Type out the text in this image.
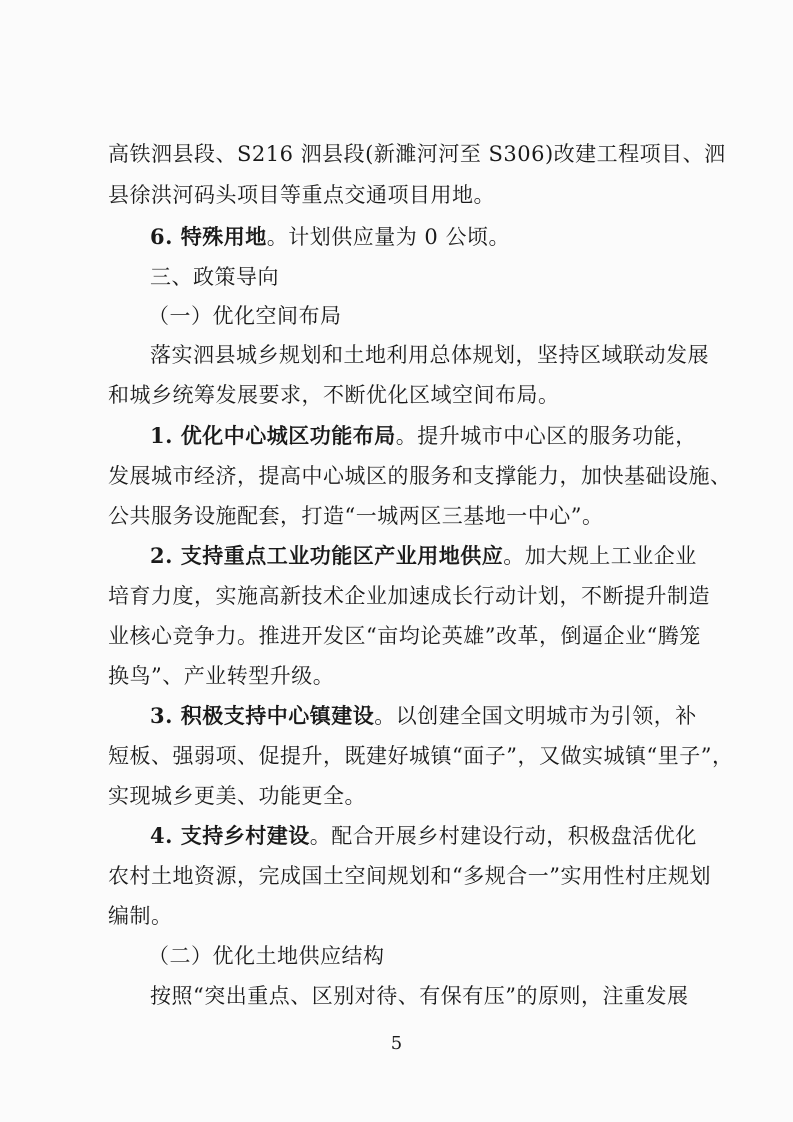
高铁泗县段、S216 泗县段(新濉河河至 S306)改建工程项目、泗
县徐洪河码头项目等重点交通项目用地。
6. 特殊用地。计划供应量为 0 公顷。
三、政策导向
（一）优化空间布局
落实泗县城乡规划和土地利用总体规划，坚持区域联动发展
和城乡统筹发展要求，不断优化区域空间布局。
1. 优化中心城区功能布局。提升城市中心区的服务功能，
发展城市经济，提高中心城区的服务和支撑能力，加快基础设施、
公共服务设施配套，打造“一城两区三基地一中心”。
2. 支持重点工业功能区产业用地供应。加大规上工业企业
培育力度，实施高新技术企业加速成长行动计划，不断提升制造
业核心竞争力。推进开发区“亩均论英雄”改革，倒逼企业“腾笼
换鸟”、产业转型升级。
3. 积极支持中心镇建设。以创建全国文明城市为引领，补
短板、强弱项、促提升，既建好城镇“面子”，又做实城镇“里子”，
实现城乡更美、功能更全。
4. 支持乡村建设。配合开展乡村建设行动，积极盘活优化
农村土地资源，完成国土空间规划和“多规合一”实用性村庄规划
编制。
（二）优化土地供应结构
按照“突出重点、区别对待、有保有压”的原则，注重发展
5
